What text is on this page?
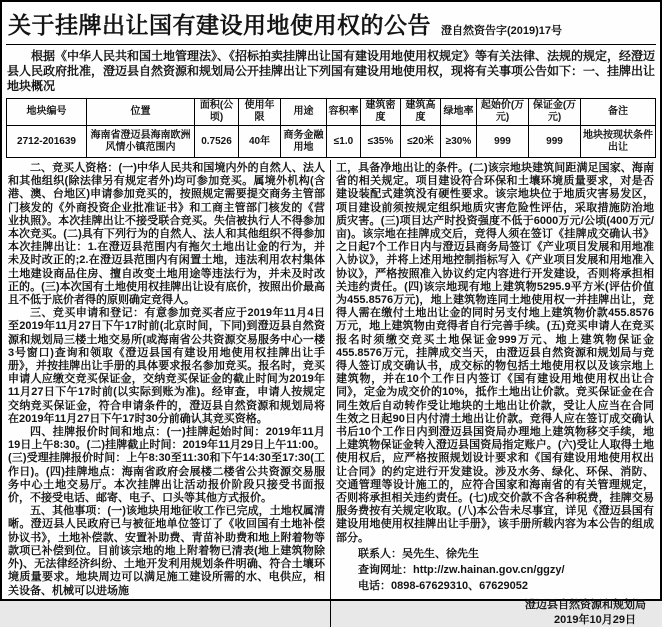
关于挂牌出让国有建设用地使用权的公告 澄自然资告字(2019)17号

根据《中华人民共和国土地管理法》、《招标拍卖挂牌出让国有建设用地使用权规定》等有关法律、法规的规定，经澄迈县人民政府批准，澄迈县自然资源和规划局公开挂牌出让下列国有建设用地使用权，现将有关事项公告如下：一、挂牌出让地块概况

地块编号	位置	面积(公顷)	使用年限	用途	容积率	建筑密度	建筑高度	绿地率	起始价(万元)	保证金(万元)	备注
2712-201639	海南省澄迈县海南欧洲风情小镇范围内	0.7526	40年	商务金融用地	≤1.0	≤35%	≤20米	≥30%	999	999	地块按现状条件出让

二、竞买人资格：(一)中华人民共和国境内外的自然人、法人和其他组织(除法律另有规定者外)均可参加竞买。属境外机构(含港、澳、台地区)申请参加竞买的，按照规定需要提交商务主管部门核发的《外商投资企业批准证书》和工商主管部门核发的《营业执照》。本次挂牌出让不接受联合竞买。失信被执行人不得参加本次竞买。(二)具有下列行为的自然人、法人和其他组织不得参加本次挂牌出让：1.在澄迈县范围内有拖欠土地出让金的行为，并未及时改正的;2.在澄迈县范围内有闲置土地，违法利用农村集体土地建设商品住房、擅自改变土地用途等违法行为，并未及时改正的。(三)本次国有土地使用权挂牌出让设有底价，按照出价最高且不低于底价者得的原则确定竞得人。

三、竞买申请和登记：有意参加竞买者应于2019年11月4日至2019年11月27日下午17时前(北京时间，下同)到澄迈县自然资源和规划局三楼土地交易所(或海南省公共资源交易服务中心一楼3号窗口)查询和领取《澄迈县国有建设用地使用权挂牌出让手册》，并按挂牌出让手册的具体要求报名参加竞买。报名时，竞买申请人应缴交竞买保证金，交纳竞买保证金的截止时间为2019年11月27日下午17时前(以实际到账为准)。经审查，申请人按规定交纳竞买保证金，符合申请条件的，澄迈县自然资源和规划局将在2019年11月27日下午17时30分前确认其竞买资格。

四、挂牌报价时间和地点：(一)挂牌起始时间：2019年11月19日上午8:30。(二)挂牌截止时间：2019年11月29日上午11:00。(三)受理挂牌报价时间：上午8:30至11:30和下午14:30至17:30(工作日)。(四)挂牌地点：海南省政府会展楼二楼省公共资源交易服务中心土地交易厅。本次挂牌出让活动报价阶段只接受书面报价，不接受电话、邮寄、电子、口头等其他方式报价。

五、其他事项：(一)该地块用地征收工作已完成，土地权属清晰。澄迈县人民政府已与被征地单位签订了《收回国有土地补偿协议书》，土地补偿款、安置补助费、青苗补助费和地上附着物等款项已补偿到位。目前该宗地的地上附着物已清表(地上建筑物除外)、无法律经济纠纷、土地开发利用规划条件明确、符合土壤环境质量要求。地块周边可以满足施工建设所需的水、电供应，相关设备、机械可以进场施

工，具备净地出让的条件。(二)该宗地块建筑间距满足国家、海南省的相关规定。项目建设符合环保和土壤环境质量要求，对是否建设装配式建筑没有硬性要求。该宗地块位于地质灾害易发区，项目建设前须按规定组织地质灾害危险性评估，采取措施防治地质灾害。(三)项目达产时投资强度不低于6000万元/公顷(400万元/亩)。该宗地在挂牌成交后，竞得人须在签订《挂牌成交确认书》之日起7个工作日内与澄迈县商务局签订《产业项目发展和用地准入协议》，并将上述用地控制指标写入《产业项目发展和用地准入协议》，严格按照准入协议约定内容进行开发建设，否则将承担相关违约责任。(四)该宗地现有地上建筑物5295.9平方米(评估价值为455.8576万元)，地上建筑物连同土地使用权一并挂牌出让，竞得人需在缴付土地出让金的同时另支付地上建筑物价款455.8576万元，地上建筑物由竞得者自行完善手续。(五)竞买申请人在竞买报名时须缴交竞买土地保证金999万元、地上建筑物保证金455.8576万元，挂牌成交当天，由澄迈县自然资源和规划局与竞得人签订成交确认书，成交标的物包括土地使用权以及该宗地上建筑物，并在10个工作日内签订《国有建设用地使用权出让合同》，定金为成交价的10%，抵作土地出让价款。竞买保证金在合同生效后自动转作受让地块的土地出让价款，受让人应当在合同生效之日起90日内付清土地出让价款。竞得人应在签订成交确认书后10个工作日内到澄迈县国资局办理地上建筑物移交手续，地上建筑物保证金转入澄迈县国资局指定账户。(六)受让人取得土地使用权后，应严格按照规划设计要求和《国有建设用地使用权出让合同》的约定进行开发建设。涉及水务、绿化、环保、消防、交通管理等设计施工的，应符合国家和海南省的有关管理规定，否则将承担相关违约责任。(七)成交价款不含各种税费，挂牌交易服务费按有关规定收取。(八)本公告未尽事宜，详见《澄迈县国有建设用地使用权挂牌出让手册》，该手册所载内容为本公告的组成部分。

联系人：吴先生、徐先生

查询网址：http://zw.hainan.gov.cn/ggzy/

电话：0898-67629310、67629052

澄迈县自然资源和规划局

2019年10月29日
